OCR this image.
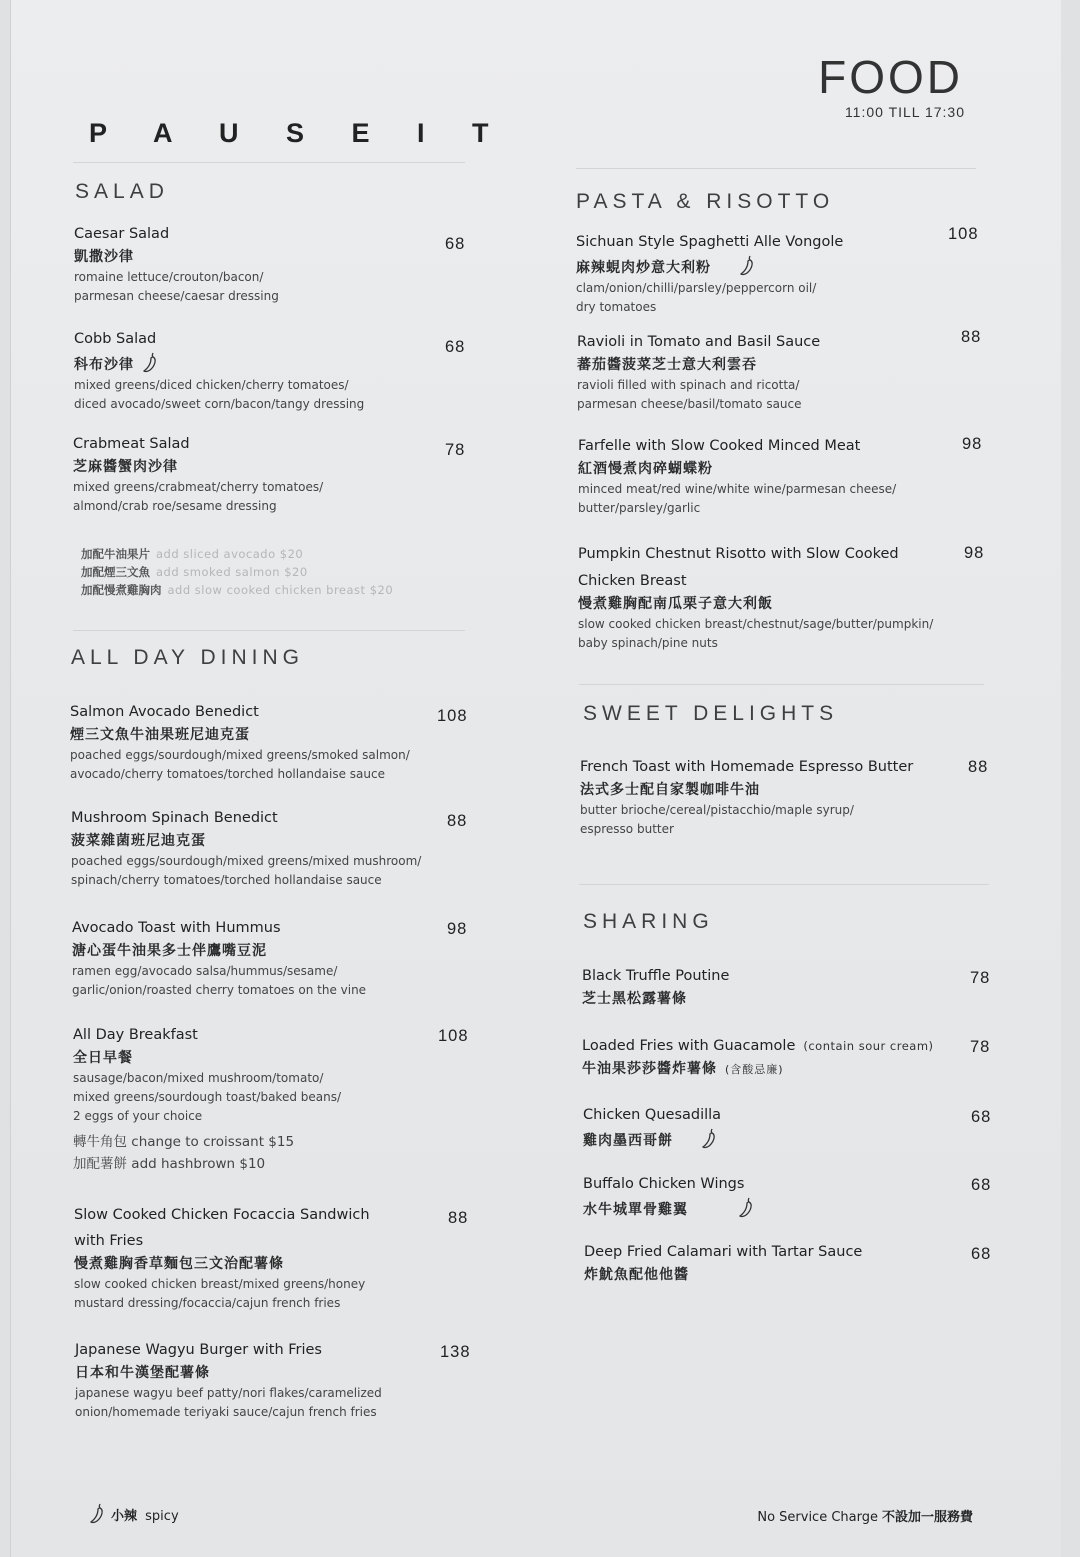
P A U S E I T
FOOD
11:00 TILL 17:30
SALAD
Caesar Salad
凱撒沙律
romaine lettuce/crouton/bacon/
parmesan cheese/caesar dressing
68
Cobb Salad
科布沙律
mixed greens/diced chicken/cherry tomatoes/
diced avocado/sweet corn/bacon/tangy dressing
68
Crabmeat Salad
芝麻醬蟹肉沙律
mixed greens/crabmeat/cherry tomatoes/
almond/crab roe/sesame dressing
78
加配牛油果片 add sliced avocado $20
加配煙三文魚 add smoked salmon $20
加配慢煮雞胸肉 add slow cooked chicken breast $20
ALL DAY DINING
Salmon Avocado Benedict
煙三文魚牛油果班尼迪克蛋
poached eggs/sourdough/mixed greens/smoked salmon/
avocado/cherry tomatoes/torched hollandaise sauce
108
Mushroom Spinach Benedict
菠菜雜菌班尼迪克蛋
poached eggs/sourdough/mixed greens/mixed mushroom/
spinach/cherry tomatoes/torched hollandaise sauce
88
Avocado Toast with Hummus
溏心蛋牛油果多士伴鷹嘴豆泥
ramen egg/avocado salsa/hummus/sesame/
garlic/onion/roasted cherry tomatoes on the vine
98
All Day Breakfast
全日早餐
sausage/bacon/mixed mushroom/tomato/
mixed greens/sourdough toast/baked beans/
2 eggs of your choice
轉牛角包 change to croissant $15
加配薯餅 add hashbrown $10
108
Slow Cooked Chicken Focaccia Sandwich
with Fries
慢煮雞胸香草麵包三文治配薯條
slow cooked chicken breast/mixed greens/honey
mustard dressing/focaccia/cajun french fries
88
Japanese Wagyu Burger with Fries
日本和牛漢堡配薯條
japanese wagyu beef patty/nori flakes/caramelized
onion/homemade teriyaki sauce/cajun french fries
138
PASTA & RISOTTO
Sichuan Style Spaghetti Alle Vongole
麻辣蜆肉炒意大利粉
clam/onion/chilli/parsley/peppercorn oil/
dry tomatoes
108
Ravioli in Tomato and Basil Sauce
蕃茄醬菠菜芝士意大利雲吞
ravioli filled with spinach and ricotta/
parmesan cheese/basil/tomato sauce
88
Farfelle with Slow Cooked Minced Meat
紅酒慢煮肉碎蝴蝶粉
minced meat/red wine/white wine/parmesan cheese/
butter/parsley/garlic
98
Pumpkin Chestnut Risotto with Slow Cooked
Chicken Breast
慢煮雞胸配南瓜栗子意大利飯
slow cooked chicken breast/chestnut/sage/butter/pumpkin/
baby spinach/pine nuts
98
SWEET DELIGHTS
French Toast with Homemade Espresso Butter
法式多士配自家製咖啡牛油
butter brioche/cereal/pistacchio/maple syrup/
espresso butter
88
SHARING
Black Truffle Poutine
芝士黑松露薯條
78
Loaded Fries with Guacamole (contain sour cream)
牛油果莎莎醬炸薯條 (含酸忌廉)
78
Chicken Quesadilla
雞肉墨西哥餅
68
Buffalo Chicken Wings
水牛城單骨雞翼
68
Deep Fried Calamari with Tartar Sauce
炸魷魚配他他醬
68
小辣 spicy	No Service Charge 不設加一服務費
